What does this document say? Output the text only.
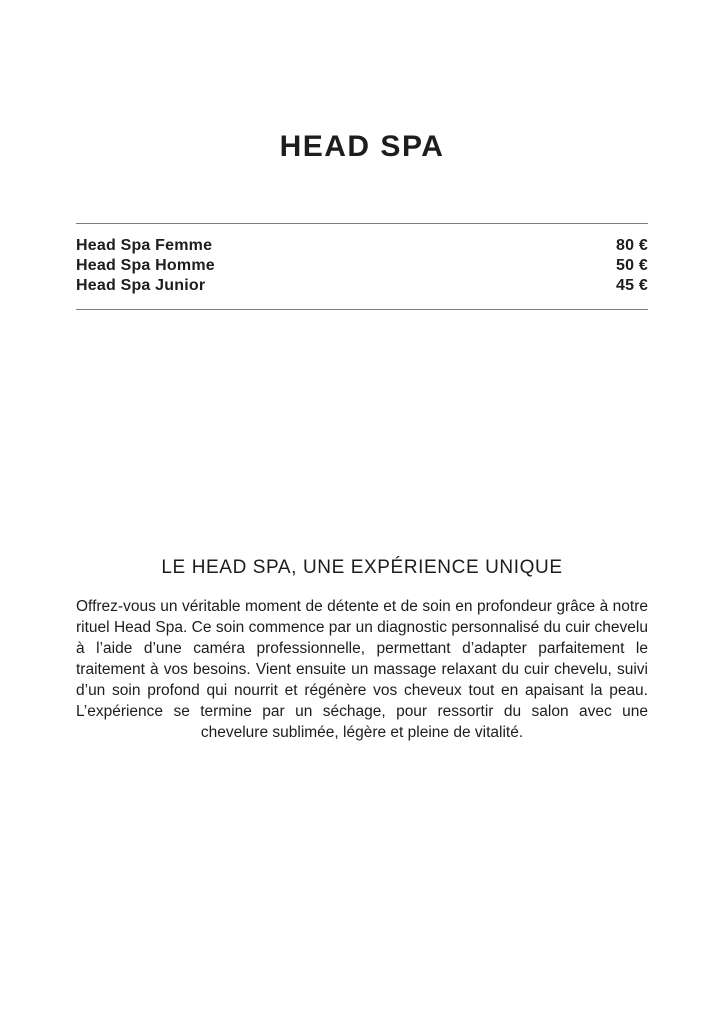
HEAD SPA
Head Spa Femme	80 €
Head Spa Homme	50 €
Head Spa Junior	45 €
LE HEAD SPA, UNE EXPÉRIENCE UNIQUE

Offrez-vous un véritable moment de détente et de soin en profondeur grâce à notre rituel Head Spa. Ce soin commence par un diagnostic personnalisé du cuir chevelu à l’aide d’une caméra professionnelle, permettant d’adapter parfaitement le traitement à vos besoins. Vient ensuite un massage relaxant du cuir chevelu, suivi d’un soin profond qui nourrit et régénère vos cheveux tout en apaisant la peau. L’expérience se termine par un séchage, pour ressortir du salon avec une chevelure sublimée, légère et pleine de vitalité.
